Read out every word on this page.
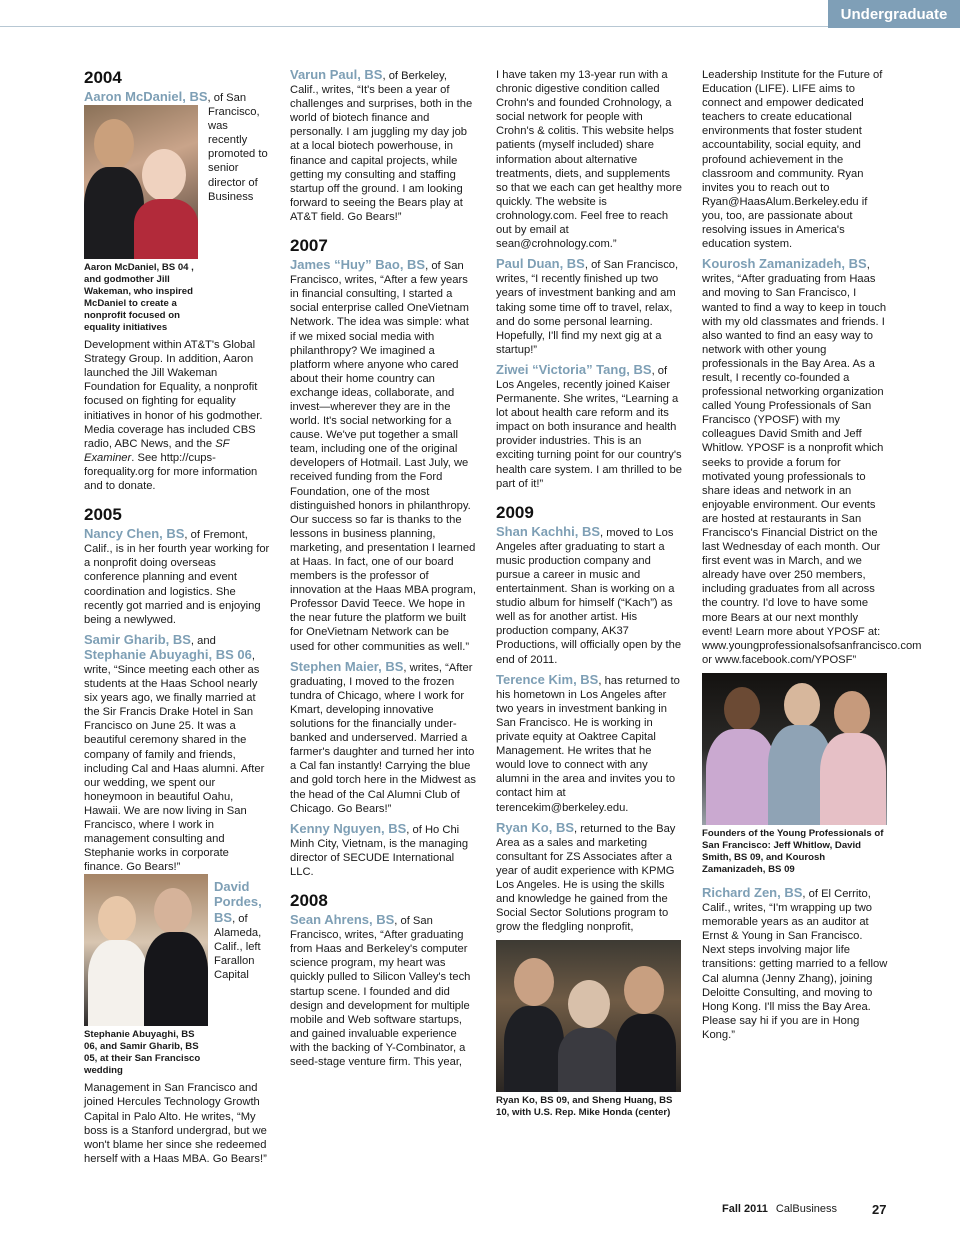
Undergraduate
2004

Aaron McDaniel, BS
Aaron McDaniel, BS 04 , and godmother Jill Wakeman, who inspired McDaniel to create a nonprofit focused on equality initiatives
, of San Francisco, was recently promoted to senior director of Business Development within AT&T's Global Strategy Group. In addition, Aaron launched the Jill Wakeman Foundation for Equality, a nonprofit focused on fighting for equality initiatives in honor of his godmother. Media coverage has included CBS radio, ABC News, and the SF Examiner. See http://cups-forequality.org for more information and to donate.

2005

Nancy Chen, BS, of Fremont, Calif., is in her fourth year working for a nonprofit doing overseas conference planning and event coordination and logistics. She recently got married and is enjoying being a newlywed.

Samir Gharib, BS, and Stephanie Abuyaghi, BS 06, write, “Since meeting each other as students at the Haas School nearly six years ago, we finally married at the Sir Francis Drake Hotel in San Francisco on June 25. It was a beautiful ceremony shared in the company of family and friends, including Cal and Haas alumni. After our wedding, we spent our honeymoon in beautiful Oahu, Hawaii. We are now living in San Francisco, where I work in management consulting and Stephanie works in corporate finance. Go Bears!”
Stephanie Abuyaghi, BS 06, and Samir Gharib, BS 05, at their San Francisco wedding

David Pordes, BS, of Alameda, Calif., left Farallon Capital Management in San Francisco and joined Hercules Technology Growth Capital in Palo Alto. He writes, “My boss is a Stanford undergrad, but we won't blame her since she redeemed herself with a Haas MBA. Go Bears!”

Varun Paul, BS, of Berkeley, Calif., writes, “It's been a year of challenges and surprises, both in the world of biotech finance and personally. I am juggling my day job at a local biotech powerhouse, in finance and capital projects, while getting my consulting and staffing startup off the ground. I am looking forward to seeing the Bears play at AT&T field. Go Bears!”

2007

James “Huy” Bao, BS, of San Francisco, writes, “After a few years in financial consulting, I started a social enterprise called OneVietnam Network. The idea was simple: what if we mixed social media with philanthropy? We imagined a platform where anyone who cared about their home country can exchange ideas, collaborate, and invest—wherever they are in the world. It's social networking for a cause. We've put together a small team, including one of the original developers of Hotmail. Last July, we received funding from the Ford Foundation, one of the most distinguished honors in philanthropy. Our success so far is thanks to the lessons in business planning, marketing, and presentation I learned at Haas. In fact, one of our board members is the professor of innovation at the Haas MBA program, Professor David Teece. We hope in the near future the platform we built for OneVietnam Network can be used for other communities as well.”

Stephen Maier, BS, writes, “After graduating, I moved to the frozen tundra of Chicago, where I work for Kmart, developing innovative solutions for the financially under-banked and underserved. Married a farmer's daughter and turned her into a Cal fan instantly! Carrying the blue and gold torch here in the Midwest as the head of the Cal Alumni Club of Chicago. Go Bears!”

Kenny Nguyen, BS, of Ho Chi Minh City, Vietnam, is the managing director of SECUDE International LLC.

2008

Sean Ahrens, BS, of San Francisco, writes, “After graduating from Haas and Berkeley's computer science program, my heart was quickly pulled to Silicon Valley's tech startup scene. I founded and did design and development for multiple mobile and Web software startups, and gained invaluable experience with the backing of Y-Combinator, a seed-stage venture firm. This year,

I have taken my 13-year run with a chronic digestive condition called Crohn's and founded Crohnology, a social network for people with Crohn's & colitis. This website helps patients (myself included) share information about alternative treatments, diets, and supplements so that we each can get healthy more quickly. The website is crohnology.com. Feel free to reach out by email at sean@crohnology.com.”

Paul Duan, BS, of San Francisco, writes, “I recently finished up two years of investment banking and am taking some time off to travel, relax, and do some personal learning. Hopefully, I'll find my next gig at a startup!”

Ziwei “Victoria” Tang, BS, of Los Angeles, recently joined Kaiser Permanente. She writes, “Learning a lot about health care reform and its impact on both insurance and health provider industries. This is an exciting turning point for our country's health care system. I am thrilled to be part of it!”

2009

Shan Kachhi, BS, moved to Los Angeles after graduating to start a music production company and pursue a career in music and entertainment. Shan is working on a studio album for himself (“Kach”) as well as for another artist. His production company, AK37 Productions, will officially open by the end of 2011.

Terence Kim, BS, has returned to his hometown in Los Angeles after two years in investment banking in San Francisco. He is working in private equity at Oaktree Capital Management. He writes that he would love to connect with any alumni in the area and invites you to contact him at terencekim@berkeley.edu.

Ryan Ko, BS, returned to the Bay Area as a sales and marketing consultant for ZS Associates after a year of audit experience with KPMG Los Angeles. He is using the skills and knowledge he gained from the Social Sector Solutions program to grow the fledgling nonprofit,

Ryan Ko, BS 09, and Sheng Huang, BS 10, with U.S. Rep. Mike Honda (center)

Leadership Institute for the Future of Education (LIFE). LIFE aims to connect and empower dedicated teachers to create educational environments that foster student accountability, social equity, and profound achievement in the classroom and community. Ryan invites you to reach out to Ryan@HaasAlum.Berkeley.edu if you, too, are passionate about resolving issues in America's education system.

Kourosh Zamanizadeh, BS, writes, “After graduating from Haas and moving to San Francisco, I wanted to find a way to keep in touch with my old classmates and friends. I also wanted to find an easy way to network with other young professionals in the Bay Area. As a result, I recently co-founded a professional networking organization called Young Professionals of San Francisco (YPOSF) with my colleagues David Smith and Jeff Whitlow. YPOSF is a nonprofit which seeks to provide a forum for motivated young professionals to share ideas and network in an enjoyable environment. Our events are hosted at restaurants in San Francisco's Financial District on the last Wednesday of each month. Our first event was in March, and we already have over 250 members, including graduates from all across the country. I'd love to have some more Bears at our next monthly event! Learn more about YPOSF at: www.youngprofessionalsofsanfrancisco.com or www.facebook.com/YPOSF”

Founders of the Young Professionals of San Francisco: Jeff Whitlow, David Smith, BS 09, and Kourosh Zamanizadeh, BS 09

Richard Zen, BS, of El Cerrito, Calif., writes, “I'm wrapping up two memorable years as an auditor at Ernst & Young in San Francisco. Next steps involving major life transitions: getting married to a fellow Cal alumna (Jenny Zhang), joining Deloitte Consulting, and moving to Hong Kong. I'll miss the Bay Area. Please say hi if you are in Hong Kong.”

Fall 2011 CalBusiness	27
